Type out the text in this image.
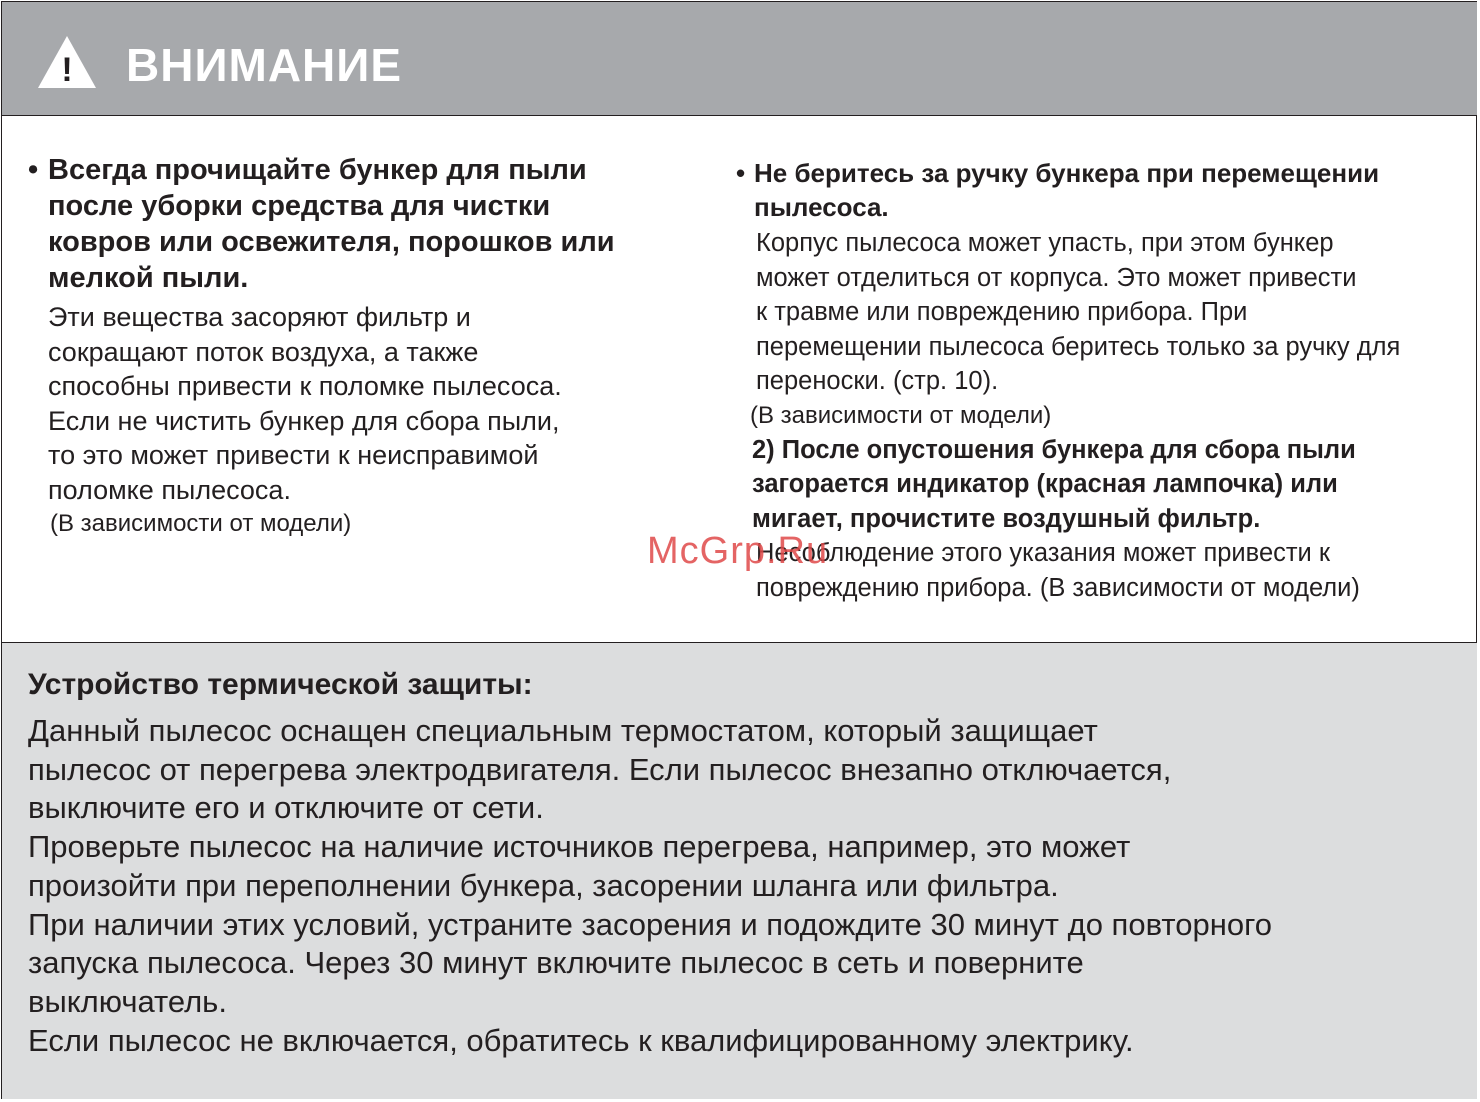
! ВНИМАНИЕ

• Всегда прочищайте бункер для пыли

после уборки средства для чистки

ковров или освежителя, порошков или

мелкой пыли.

Эти вещества засоряют фильтр и

сокращают поток воздуха, а также

способны привести к поломке пылесоса.

Если не чистить бункер для сбора пыли,

то это может привести к неисправимой

поломке пылесоса.

(В зависимости от модели)

• Не беритесь за ручку бункера при перемещении

пылесоса.

Корпус пылесоса может упасть, при этом бункер

может отделиться от корпуса. Это может привести

к травме или повреждению прибора. При

перемещении пылесоса беритесь только за ручку для

переноски. (стр. 10).

(В зависимости от модели)

2) После опустошения бункера для сбора пыли

загорается индикатор (красная лампочка) или

мигает, прочистите воздушный фильтр.

Несоблюдение этого указания может привести к

повреждению прибора. (В зависимости от модели)

McGrp.Ru
Устройство термической защиты:

Данный пылесос оснащен специальным термостатом, который защищает

пылесос от перегрева электродвигателя. Если пылесос внезапно отключается,

выключите его и отключите от сети.

Проверьте пылесос на наличие источников перегрева, например, это может

произойти при переполнении бункера, засорении шланга или фильтра.

При наличии этих условий, устраните засорения и подождите 30 минут до повторного

запуска пылесоса. Через 30 минут включите пылесос в сеть и поверните

выключатель.

Если пылесос не включается, обратитесь к квалифицированному электрику.
